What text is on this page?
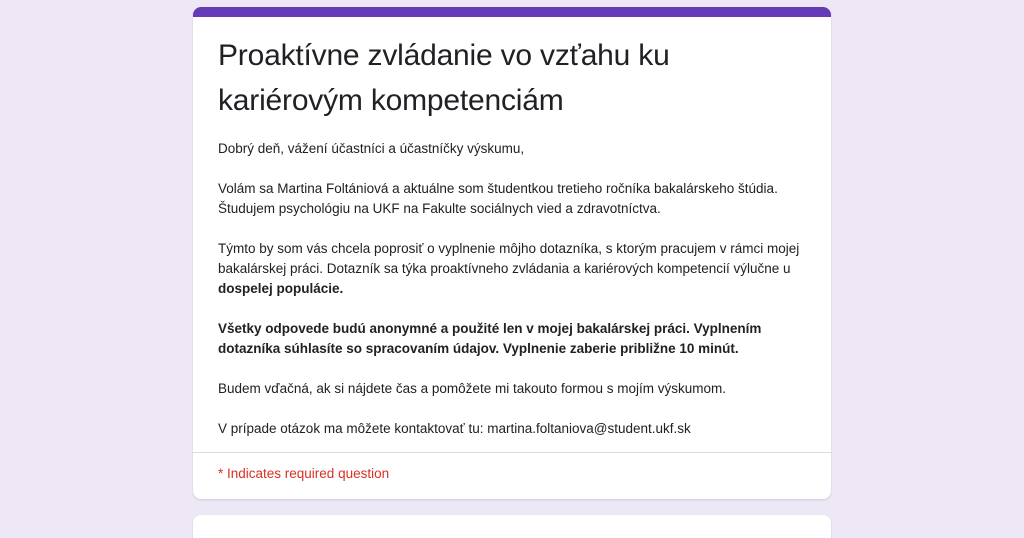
Proaktívne zvládanie vo vzťahu ku kariérovým kompetenciám

Dobrý deň, vážení účastníci a účastníčky výskumu,

Volám sa Martina Foltániová a aktuálne som študentkou tretieho ročníka bakalárskeho štúdia. Študujem psychológiu na UKF na Fakulte sociálnych vied a zdravotníctva.

Týmto by som vás chcela poprosiť o vyplnenie môjho dotazníka, s ktorým pracujem v rámci mojej bakalárskej práci. Dotazník sa týka proaktívneho zvládania a kariérových kompetencií výlučne u dospelej populácie.

Všetky odpovede budú anonymné a použité len v mojej bakalárskej práci. Vyplnením dotazníka súhlasíte so spracovaním údajov. Vyplnenie zaberie približne 10 minút.

Budem vďačná, ak si nájdete čas a pomôžete mi takouto formou s mojím výskumom.

V prípade otázok ma môžete kontaktovať tu: martina.foltaniova@student.ukf.sk

* Indicates required question
